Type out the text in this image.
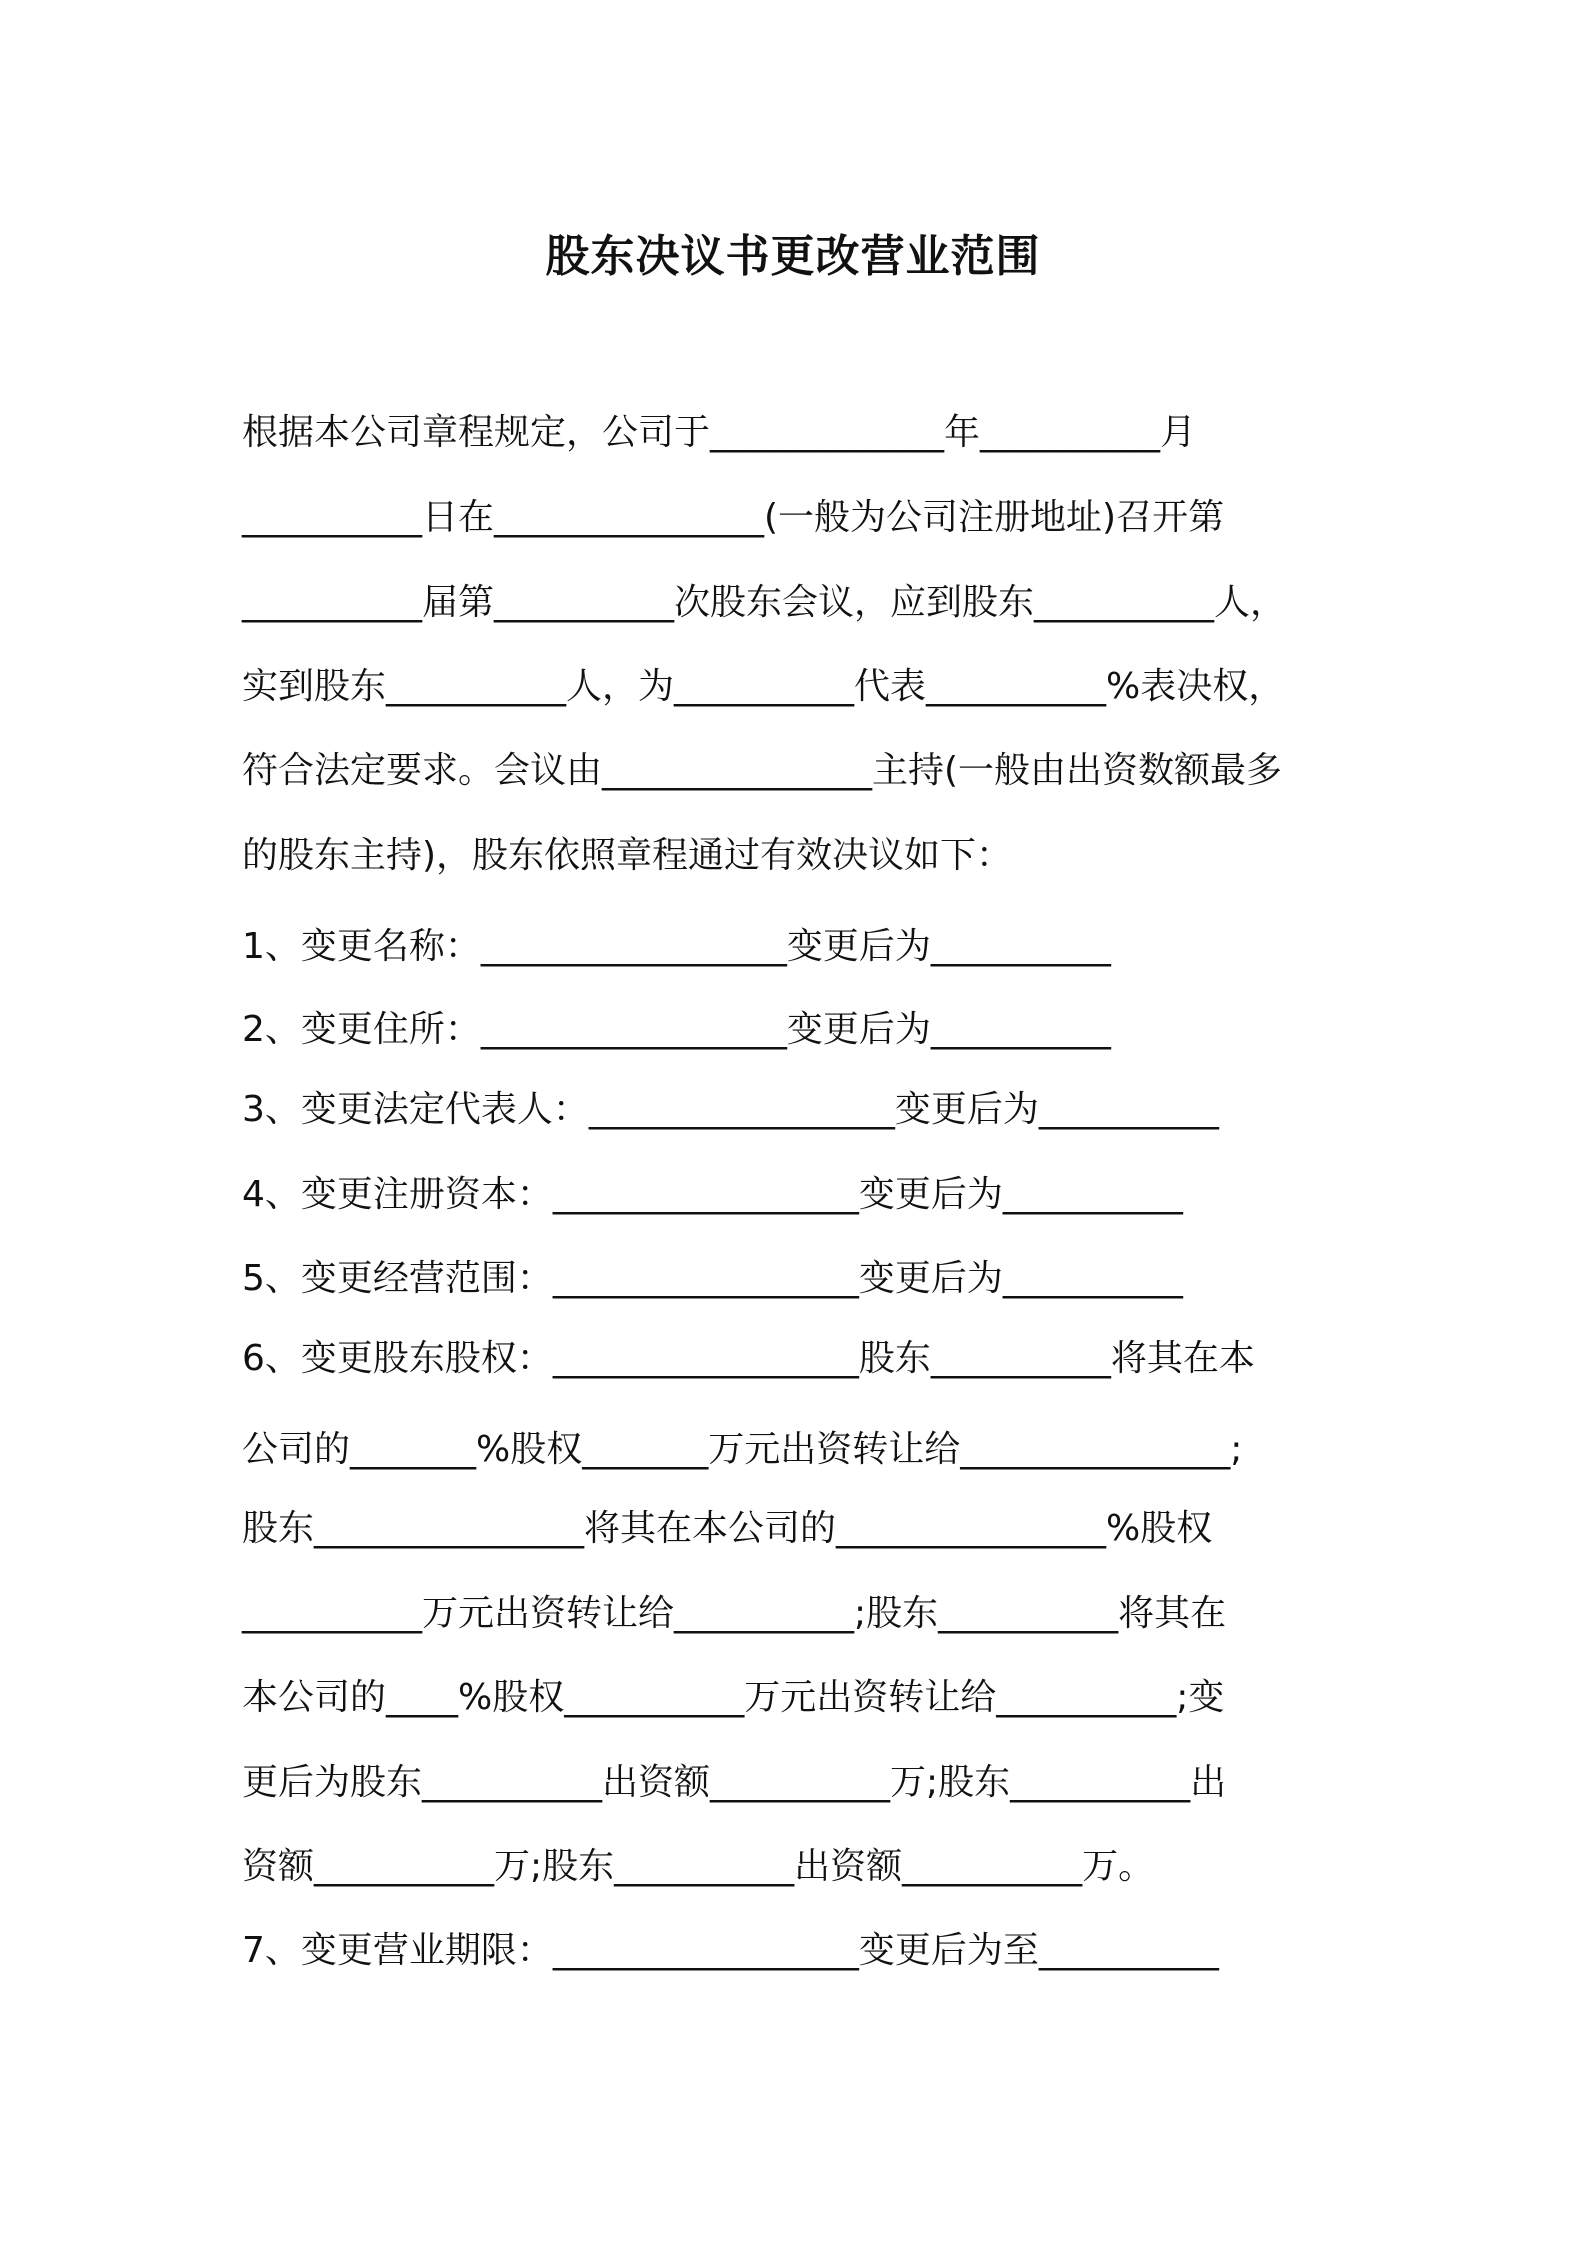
股东决议书更改营业范围
根据本公司章程规定，公司于_____________年__________月
__________日在_______________(一般为公司注册地址)召开第
__________届第__________次股东会议，应到股东__________人，
实到股东__________人，为__________代表__________%表决权，
符合法定要求。会议由_______________主持(一般由出资数额最多
的股东主持)，股东依照章程通过有效决议如下：
1、变更名称：_________________变更后为__________
2、变更住所：_________________变更后为__________
3、变更法定代表人：_________________变更后为__________
4、变更注册资本：_________________变更后为__________
5、变更经营范围：_________________变更后为__________
6、变更股东股权：_________________股东__________将其在本
公司的_______%股权_______万元出资转让给_______________;
股东_______________将其在本公司的_______________%股权
__________万元出资转让给__________;股东__________将其在
本公司的____%股权__________万元出资转让给__________;变
更后为股东__________出资额__________万;股东__________出
资额__________万;股东__________出资额__________万。
7、变更营业期限：_________________变更后为至__________
